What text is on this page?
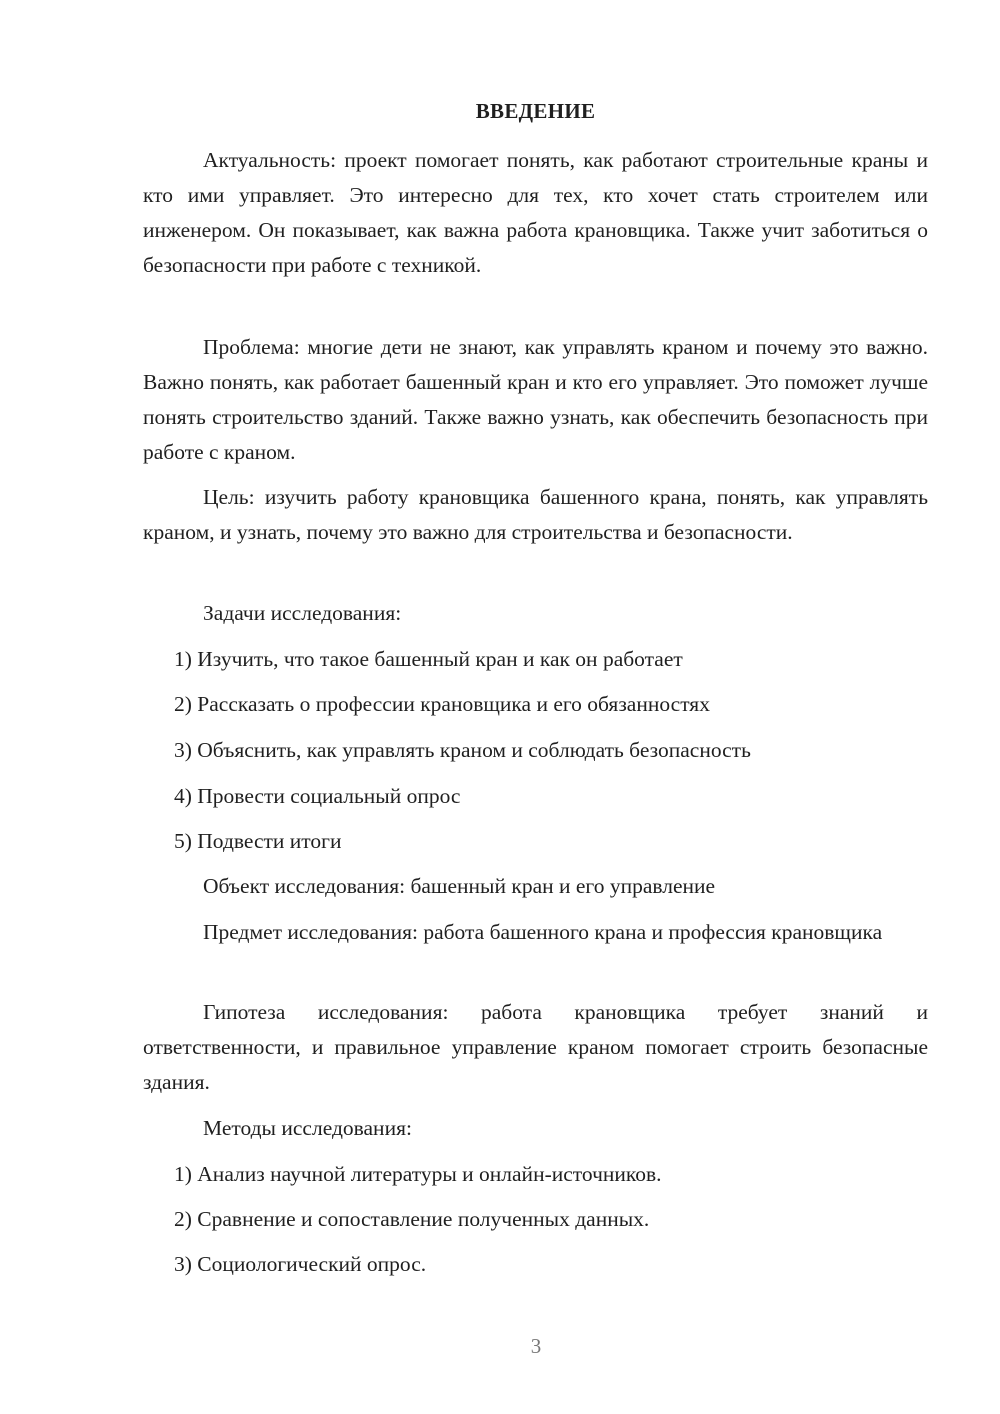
ВВЕДЕНИЕ

Актуальность: проект помогает понять, как работают строительные краны и кто ими управляет. Это интересно для тех, кто хочет стать строителем или инженером. Он показывает, как важна работа крановщика. Также учит заботиться о безопасности при работе с техникой.

Проблема: многие дети не знают, как управлять краном и почему это важно. Важно понять, как работает башенный кран и кто его управляет. Это поможет лучше понять строительство зданий. Также важно узнать, как обеспечить безопасность при работе с краном.

Цель: изучить работу крановщика башенного крана, понять, как управлять краном, и узнать, почему это важно для строительства и безопасности.

Задачи исследования:

1) Изучить, что такое башенный кран и как он работает

2) Рассказать о профессии крановщика и его обязанностях

3) Объяснить, как управлять краном и соблюдать безопасность

4) Провести социальный опрос

5) Подвести итоги

Объект исследования: башенный кран и его управление

Предмет исследования: работа башенного крана и профессия крановщика

Гипотеза исследования: работа крановщика требует знаний и ответственности, и правильное управление краном помогает строить безопасные здания.

Методы исследования:

1) Анализ научной литературы и онлайн-источников.

2) Сравнение и сопоставление полученных данных.

3) Социологический опрос.

3
